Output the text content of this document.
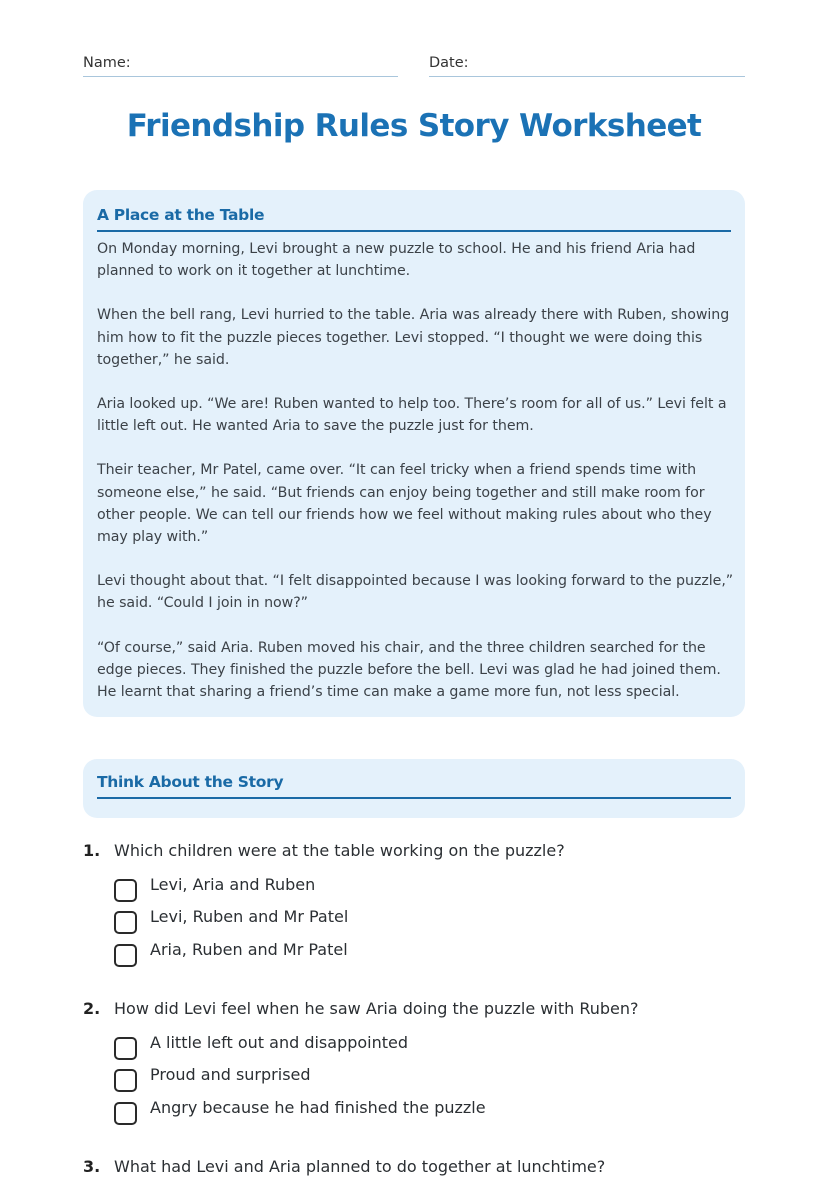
Name:	Date:
Friendship Rules Story Worksheet
A Place at the Table

On Monday morning, Levi brought a new puzzle to school. He and his friend Aria had planned to work on it together at lunchtime.

When the bell rang, Levi hurried to the table. Aria was already there with Ruben, showing him how to fit the puzzle pieces together. Levi stopped. “I thought we were doing this together,” he said.

Aria looked up. “We are! Ruben wanted to help too. There’s room for all of us.” Levi felt a little left out. He wanted Aria to save the puzzle just for them.

Their teacher, Mr Patel, came over. “It can feel tricky when a friend spends time with someone else,” he said. “But friends can enjoy being together and still make room for other people. We can tell our friends how we feel without making rules about who they may play with.”

Levi thought about that. “I felt disappointed because I was looking forward to the puzzle,” he said. “Could I join in now?”

“Of course,” said Aria. Ruben moved his chair, and the three children searched for the edge pieces. They finished the puzzle before the bell. Levi was glad he had joined them. He learnt that sharing a friend’s time can make a game more fun, not less special.

Think About the Story
1. Which children were at the table working on the puzzle?
Levi, Aria and Ruben
Levi, Ruben and Mr Patel
Aria, Ruben and Mr Patel
2. How did Levi feel when he saw Aria doing the puzzle with Ruben?
A little left out and disappointed
Proud and surprised
Angry because he had finished the puzzle
3. What had Levi and Aria planned to do together at lunchtime?
